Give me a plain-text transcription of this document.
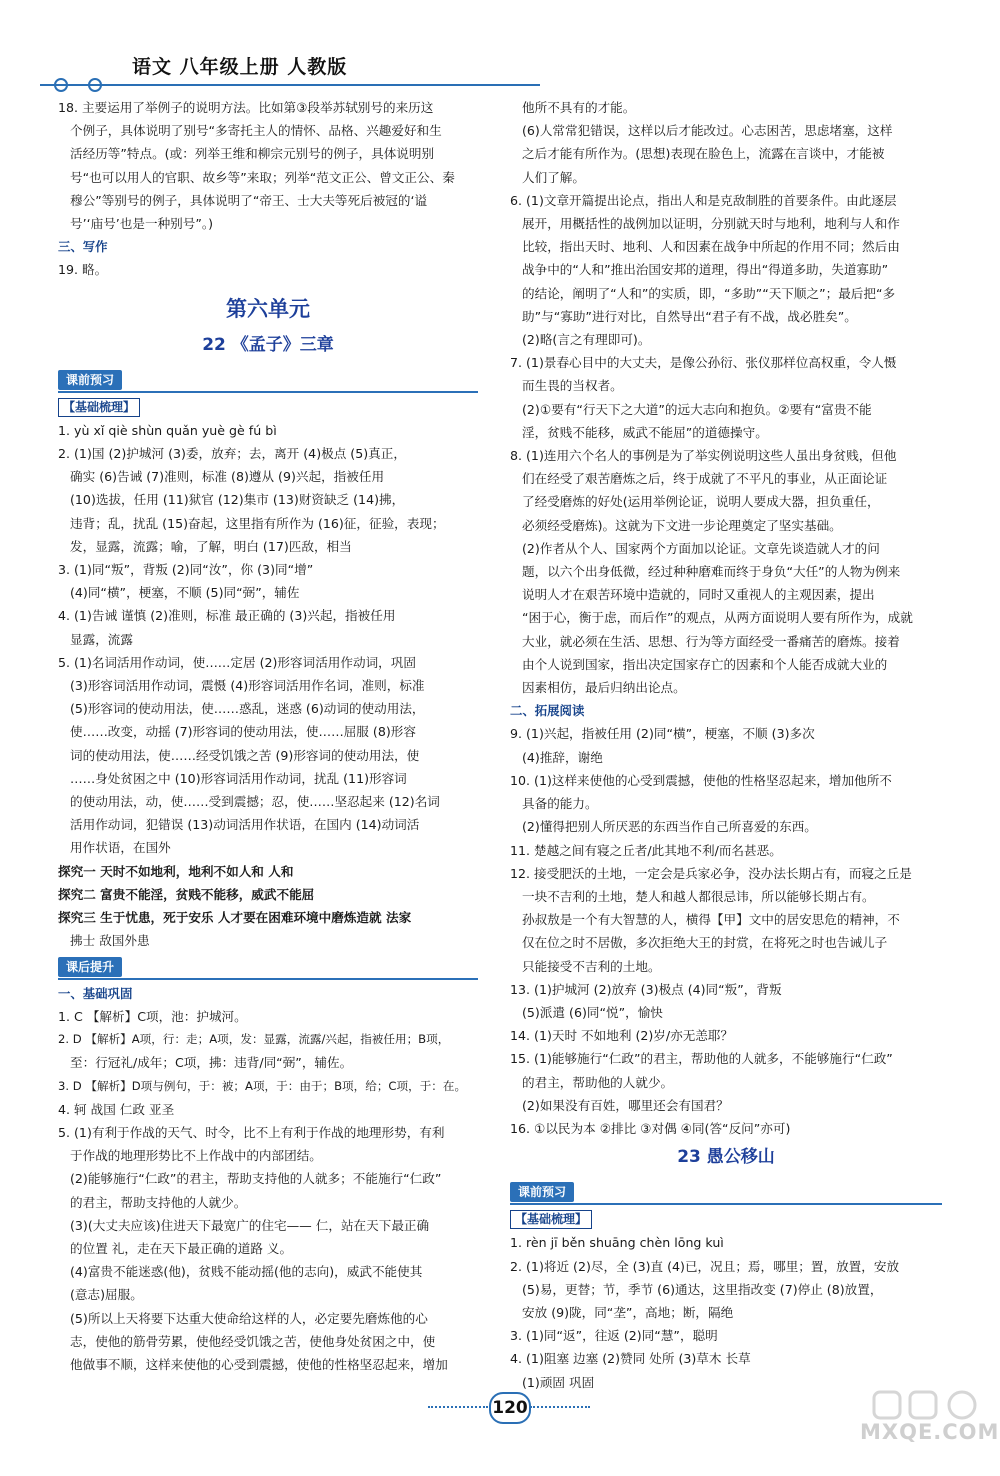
语文 八年级上册 人教版

18. 主要运用了举例子的说明方法。比如第③段举苏轼别号的来历这

个例子，具体说明了别号“多寄托主人的情怀、品格、兴趣爱好和生

活经历等”特点。(或：列举王维和柳宗元别号的例子，具体说明别

号“也可以用人的官职、故乡等”来取；列举“范文正公、曾文正公、秦

穆公”等别号的例子，具体说明了“帝王、士大夫等死后被冠的‘谥

号’‘庙号’也是一种别号”。)

三、写作

19. 略。

第六单元
22 《孟子》三章
课前预习
【基础梳理】

1. yù xǐ qiè shùn quǎn yuè gè fú bì

2. (1)国 (2)护城河 (3)委，放弃；去，离开 (4)极点 (5)真正，

确实 (6)告诫 (7)准则，标准 (8)遵从 (9)兴起，指被任用

(10)选拔，任用 (11)狱官 (12)集市 (13)财资缺乏 (14)拂，

违背；乱，扰乱 (15)奋起，这里指有所作为 (16)征，征验，表现；

发，显露，流露；喻，了解，明白 (17)匹敌，相当

3. (1)同“叛”，背叛 (2)同“汝”，你 (3)同“增”

(4)同“横”，梗塞，不顺 (5)同“弼”，辅佐

4. (1)告诫 谨慎 (2)准则，标准 最正确的 (3)兴起，指被任用

显露，流露

5. (1)名词活用作动词，使……定居 (2)形容词活用作动词，巩固

(3)形容词活用作动词，震慑 (4)形容词活用作名词，准则，标准

(5)形容词的使动用法，使……惑乱，迷惑 (6)动词的使动用法，

使……改变，动摇 (7)形容词的使动用法，使……屈服 (8)形容

词的使动用法，使……经受饥饿之苦 (9)形容词的使动用法，使

……身处贫困之中 (10)形容词活用作动词，扰乱 (11)形容词

的使动用法，动，使……受到震撼；忍，使……坚忍起来 (12)名词

活用作动词，犯错误 (13)动词活用作状语，在国内 (14)动词活

用作状语，在国外

探究一 天时不如地利，地利不如人和 人和

探究二 富贵不能淫，贫贱不能移，威武不能屈

探究三 生于忧患，死于安乐 人才要在困难环境中磨炼造就 法家

拂士 敌国外患

课后提升

一、基础巩固

1. C 【解析】C项，池：护城河。

2. D 【解析】A项，行：走；A项，发：显露，流露/兴起，指被任用；B项，

至：行冠礼/成年；C项，拂：违背/同“弼”，辅佐。

3. D 【解析】D项与例句，于：被；A项，于：由于；B项，给；C项，于：在。

4. 轲 战国 仁政 亚圣

5. (1)有利于作战的天气、时令，比不上有利于作战的地理形势，有利

于作战的地理形势比不上作战中的内部团结。

(2)能够施行“仁政”的君主，帮助支持他的人就多；不能施行“仁政”

的君主，帮助支持他的人就少。

(3)(大丈夫应该)住进天下最宽广的住宅—— 仁，站在天下最正确

的位置 礼，走在天下最正确的道路 义。

(4)富贵不能迷惑(他)，贫贱不能动摇(他的志向)，威武不能使其

(意志)屈服。

(5)所以上天将要下达重大使命给这样的人，必定要先磨炼他的心

志，使他的筋骨劳累，使他经受饥饿之苦，使他身处贫困之中，使

他做事不顺，这样来使他的心受到震撼，使他的性格坚忍起来，增加

他所不具有的才能。

(6)人常常犯错误，这样以后才能改过。心志困苦，思虑堵塞，这样

之后才能有所作为。(思想)表现在脸色上，流露在言谈中，才能被

人们了解。

6. (1)文章开篇提出论点，指出人和是克敌制胜的首要条件。由此逐层

展开，用概括性的战例加以证明，分别就天时与地利，地利与人和作

比较，指出天时、地利、人和因素在战争中所起的作用不同；然后由

战争中的“人和”推出治国安邦的道理，得出“得道多助，失道寡助”

的结论，阐明了“人和”的实质，即，“多助”“天下顺之”；最后把“多

助”与“寡助”进行对比，自然导出“君子有不战，战必胜矣”。

(2)略(言之有理即可)。

7. (1)景春心目中的大丈夫，是像公孙衍、张仪那样位高权重，令人慑

而生畏的当权者。

(2)①要有“行天下之大道”的远大志向和抱负。②要有“富贵不能

淫，贫贱不能移，威武不能屈”的道德操守。

8. (1)连用六个名人的事例是为了举实例说明这些人虽出身贫贱，但他

们在经受了艰苦磨炼之后，终于成就了不平凡的事业，从正面论证

了经受磨炼的好处(运用举例论证，说明人要成大器，担负重任，

必须经受磨炼)。这就为下文进一步论理奠定了坚实基础。

(2)作者从个人、国家两个方面加以论证。文章先谈造就人才的问

题，以六个出身低微，经过种种磨难而终于身负“大任”的人物为例来

说明人才在艰苦环境中造就的，同时又重视人的主观因素，提出

“困于心，衡于虑，而后作”的观点，从两方面说明人要有所作为，成就

大业，就必须在生活、思想、行为等方面经受一番痛苦的磨炼。接着

由个人说到国家，指出决定国家存亡的因素和个人能否成就大业的

因素相仿，最后归纳出论点。

二、拓展阅读

9. (1)兴起，指被任用 (2)同“横”，梗塞，不顺 (3)多次

(4)推辞，谢绝

10. (1)这样来使他的心受到震撼，使他的性格坚忍起来，增加他所不

具备的能力。

(2)懂得把别人所厌恶的东西当作自己所喜爱的东西。

11. 楚越之间有寝之丘者/此其地不利/而名甚恶。

12. 接受肥沃的土地，一定会是兵家必争，没办法长期占有，而寝之丘是

一块不吉利的土地，楚人和越人都很忌讳，所以能够长期占有。

孙叔敖是一个有大智慧的人，横得【甲】文中的居安思危的精神，不

仅在位之时不居傲，多次拒绝大王的封赏，在将死之时也告诫儿子

只能接受不吉利的土地。

13. (1)护城河 (2)放弃 (3)极点 (4)同“叛”，背叛

(5)派遣 (6)同“悦”，愉快

14. (1)天时 不如地利 (2)岁/亦无恙耶？

15. (1)能够施行“仁政”的君主，帮助他的人就多，不能够施行“仁政”

的君主，帮助他的人就少。

(2)如果没有百姓，哪里还会有国君？

16. ①以民为本 ②排比 ③对偶 ④同(答“反问”亦可)

23 愚公移山
课前预习
【基础梳理】

1. rèn jī běn shuāng chèn lōng kuì

2. (1)将近 (2)尽，全 (3)直 (4)已，况且；焉，哪里；置，放置，安放

(5)易，更替；节，季节 (6)通达，这里指改变 (7)停止 (8)放置，

安放 (9)陇，同“垄”，高地；断，隔绝

3. (1)同“返”，往返 (2)同“慧”，聪明

4. (1)阻塞 边塞 (2)赞同 处所 (3)草木 长草

(1)顽固 巩固

120
MXQE.COM
